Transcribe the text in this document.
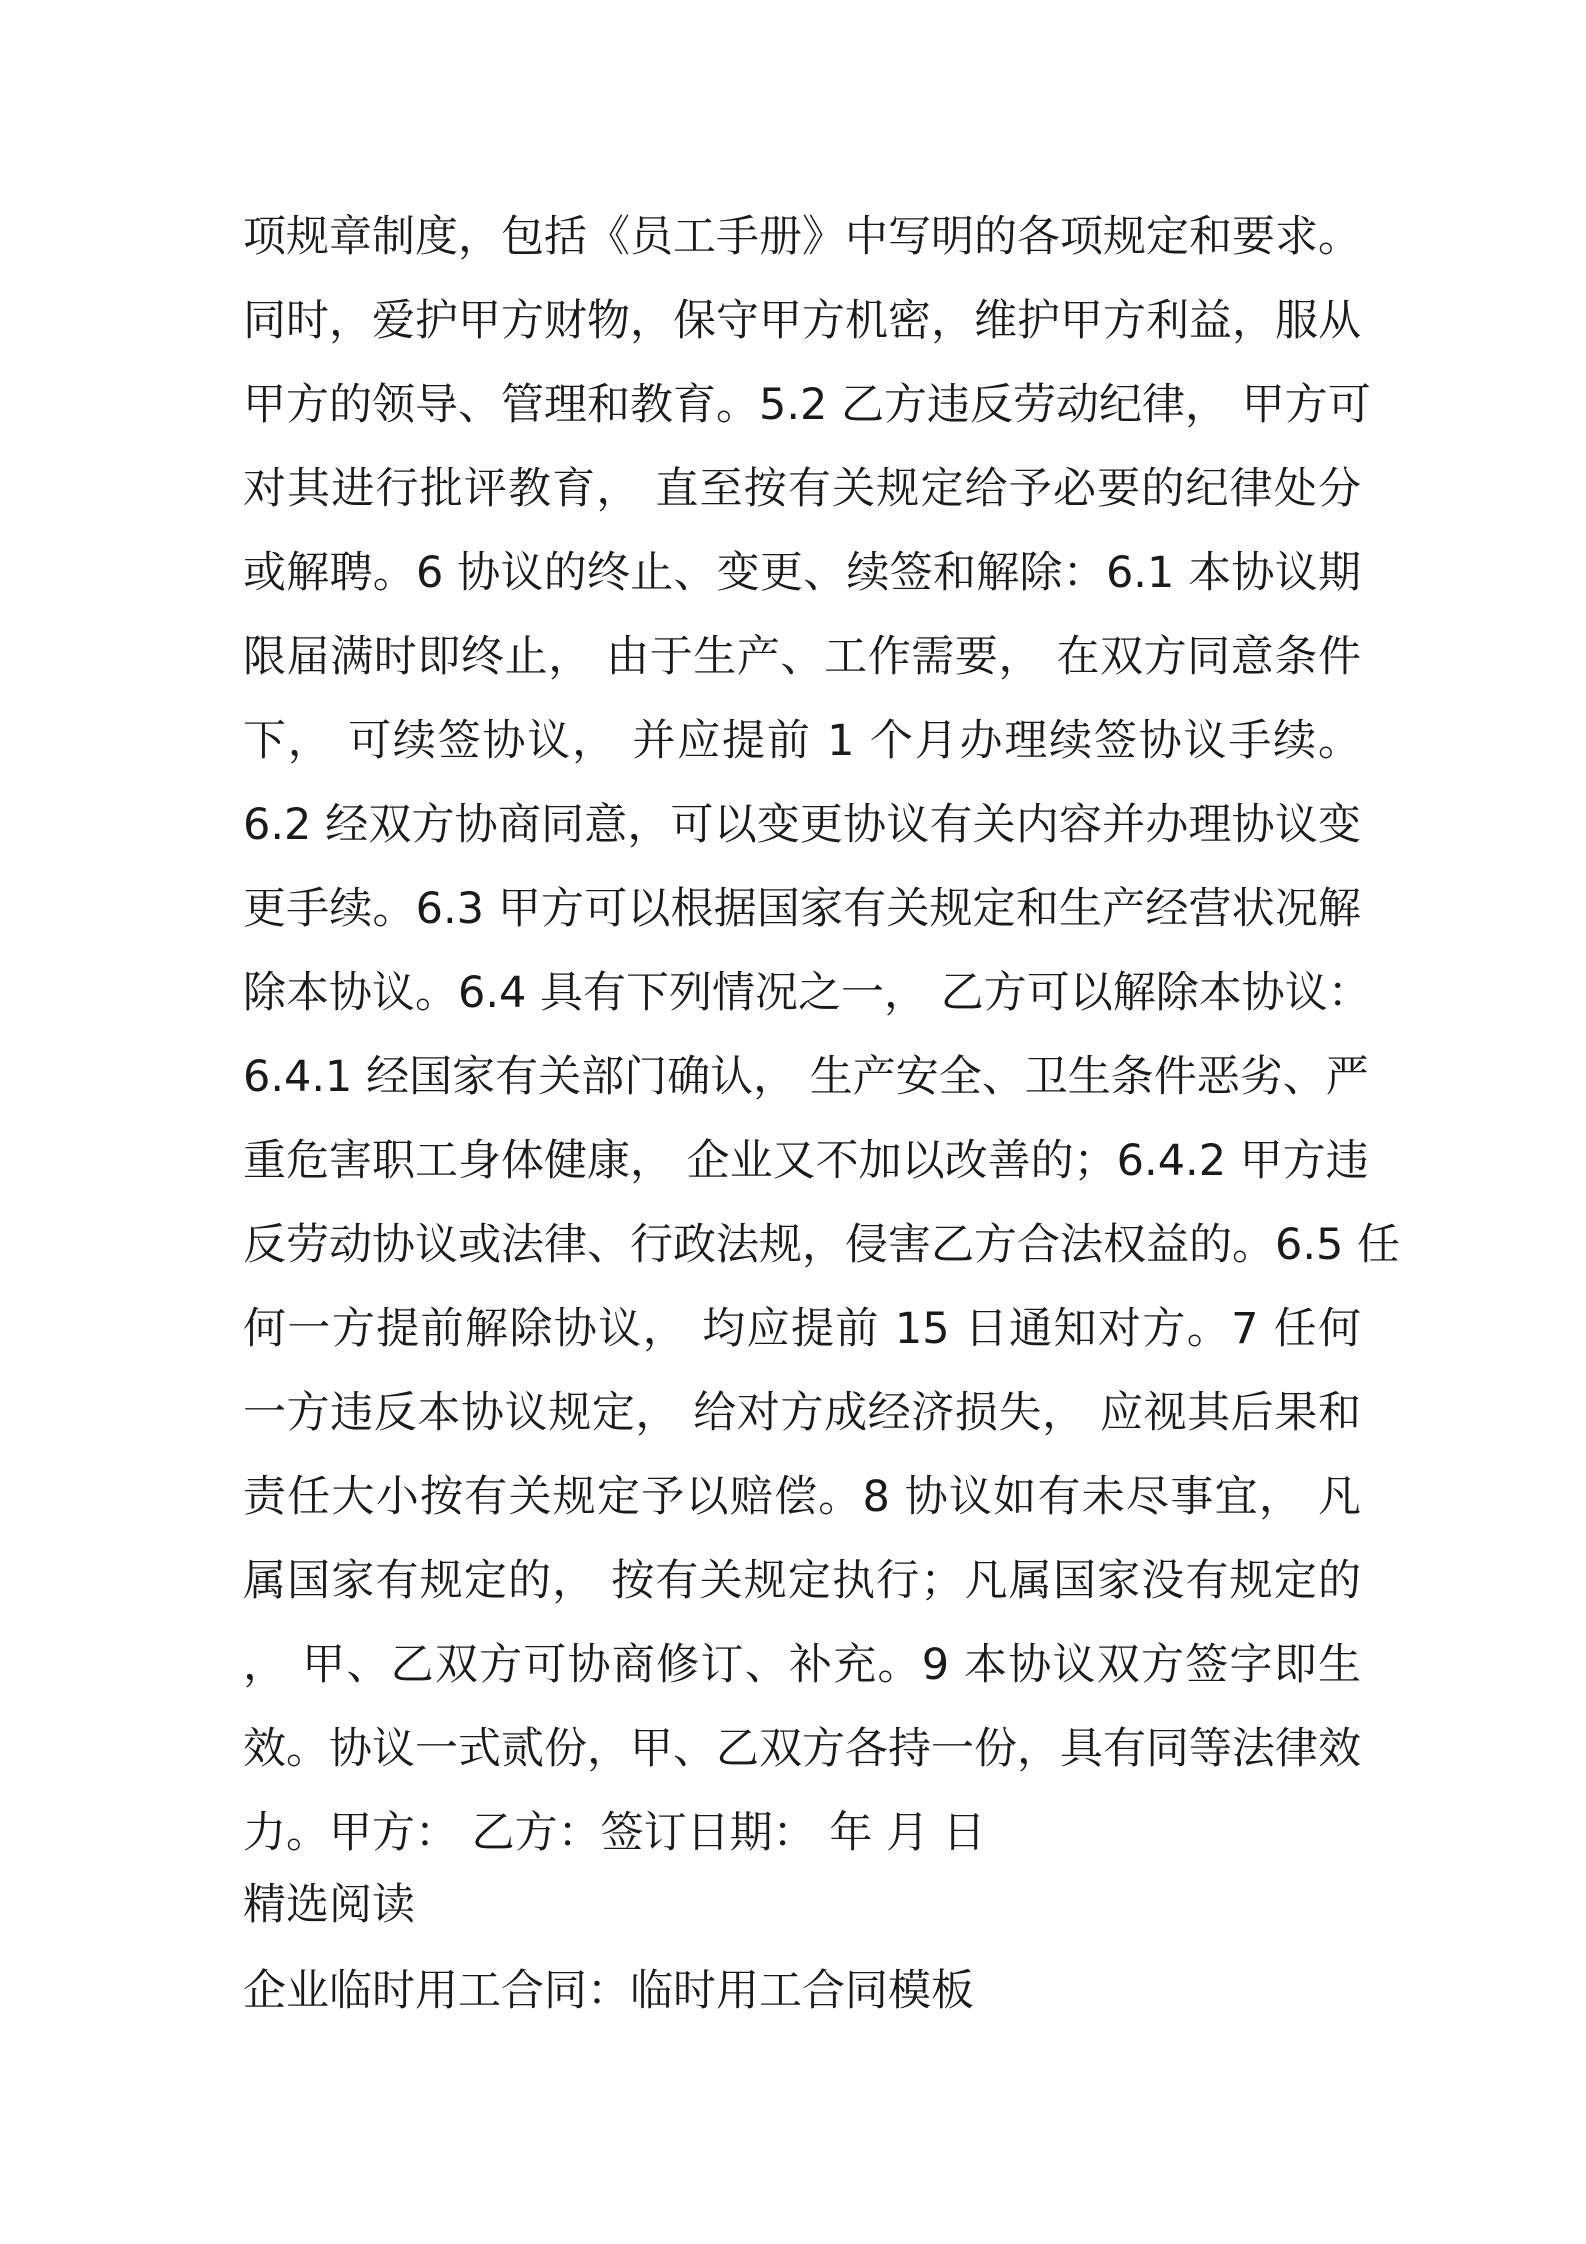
项规章制度，包括《员工手册》中写明的各项规定和要求。
同时，爱护甲方财物，保守甲方机密，维护甲方利益，服从
甲方的领导、管理和教育。5.2 乙方违反劳动纪律， 甲方可
对其进行批评教育， 直至按有关规定给予必要的纪律处分
或解聘。6 协议的终止、变更、续签和解除：6.1 本协议期
限届满时即终止， 由于生产、工作需要， 在双方同意条件
下， 可续签协议， 并应提前 1 个月办理续签协议手续。
6.2 经双方协商同意，可以变更协议有关内容并办理协议变
更手续。6.3 甲方可以根据国家有关规定和生产经营状况解
除本协议。6.4 具有下列情况之一， 乙方可以解除本协议：
6.4.1 经国家有关部门确认， 生产安全、卫生条件恶劣、严
重危害职工身体健康， 企业又不加以改善的；6.4.2 甲方违
反劳动协议或法律、行政法规，侵害乙方合法权益的。6.5 任
何一方提前解除协议， 均应提前 15 日通知对方。7 任何
一方违反本协议规定， 给对方成经济损失， 应视其后果和
责任大小按有关规定予以赔偿。8 协议如有未尽事宜， 凡
属国家有规定的， 按有关规定执行；凡属国家没有规定的
， 甲、乙双方可协商修订、补充。9 本协议双方签字即生
效。协议一式贰份，甲、乙双方各持一份，具有同等法律效
力。甲方： 乙方：签订日期： 年 月 日
精选阅读
企业临时用工合同：临时用工合同模板
